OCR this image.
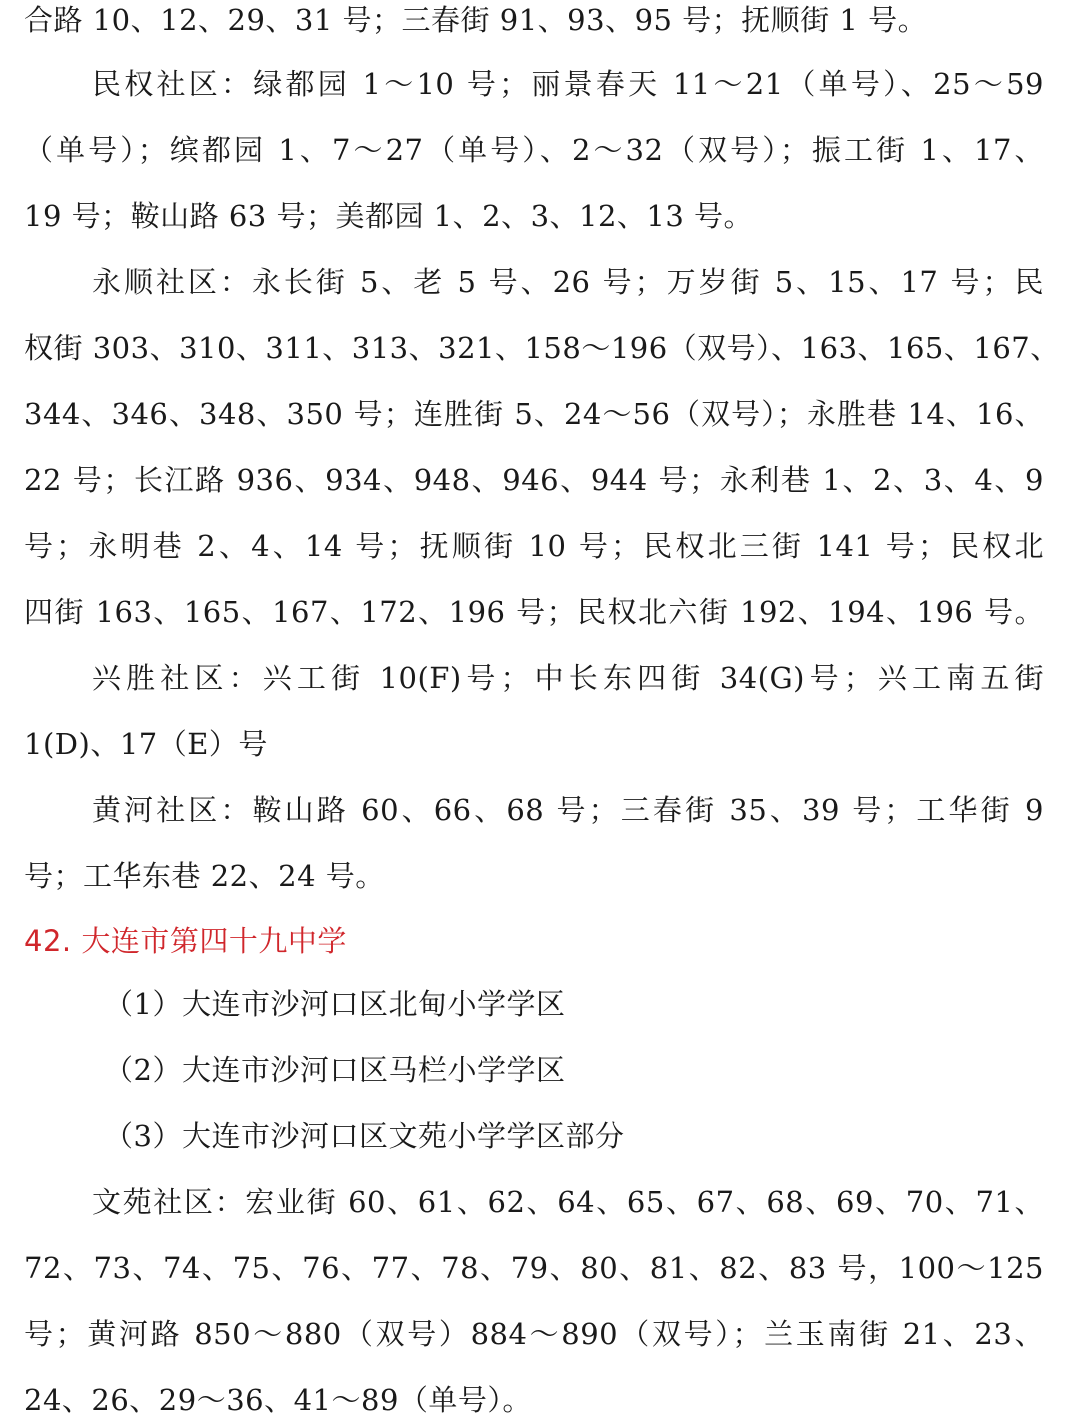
合路 10、12、29、31 号；三春街 91、93、95 号；抚顺街 1 号。
民权社区：绿都园 1～10 号；丽景春天 11～21（单号）、25～59
（单号）；缤都园 1、7～27（单号）、2～32（双号）；振工街 1、17、
19 号；鞍山路 63 号；美都园 1、2、3、12、13 号。
永顺社区：永长街 5、老 5 号、26 号；万岁街 5、15、17 号；民
权街 303、310、311、313、321、158～196（双号）、163、165、167、
344、346、348、350 号；连胜街 5、24～56（双号）；永胜巷 14、16、
22 号；长江路 936、934、948、946、944 号；永利巷 1、2、3、4、9
号；永明巷 2、4、14 号；抚顺街 10 号；民权北三街 141 号；民权北
四街 163、165、167、172、196 号；民权北六街 192、194、196 号。
兴胜社区：兴工街 10(F)号；中长东四街 34(G)号；兴工南五街
1(D)、17（E）号
黄河社区：鞍山路 60、66、68 号；三春街 35、39 号；工华街 9
号；工华东巷 22、24 号。
42. 大连市第四十九中学
（1）大连市沙河口区北甸小学学区
（2）大连市沙河口区马栏小学学区
（3）大连市沙河口区文苑小学学区部分
文苑社区：宏业街 60、61、62、64、65、67、68、69、70、71、
72、73、74、75、76、77、78、79、80、81、82、83 号，100～125
号；黄河路 850～880（双号）884～890（双号）；兰玉南街 21、23、
24、26、29～36、41～89（单号）。
